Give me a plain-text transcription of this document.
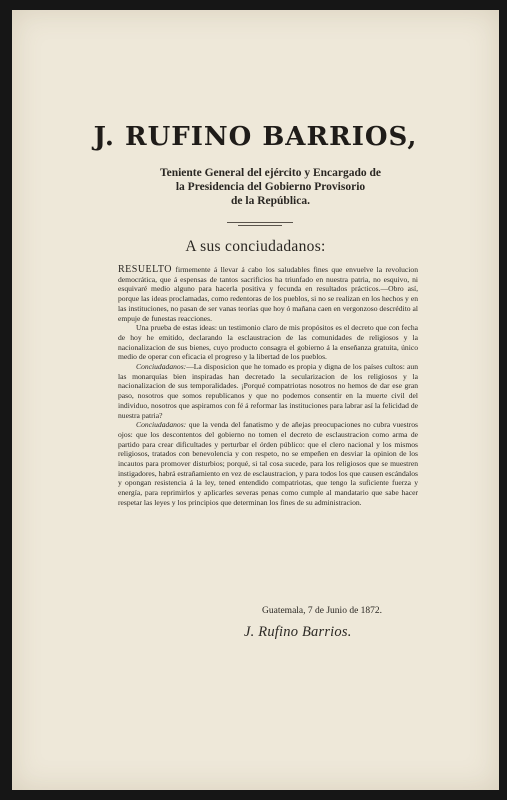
J. RUFINO BARRIOS,
Teniente General del ejército y Encargado de
la Presidencia del Gobierno Provisorio
de la República.
A sus conciudadanos:

RESUELTO firmemente á llevar á cabo los saludables fines que envuelve la revolucion democrática, que á espensas de tantos sacrificios ha triunfado en nuestra patria, no esquivo, ni esquivaré medio alguno para hacerla positiva y fecunda en resultados prácticos.—Obro así, porque las ideas proclamadas, como redentoras de los pueblos, si no se realizan en los hechos y en las instituciones, no pasan de ser vanas teorías que hoy ó mañana caen en vergonzoso descrédito al empuje de funestas reacciones.

Una prueba de estas ideas: un testimonio claro de mis propósitos es el decreto que con fecha de hoy he emitido, declarando la esclaustracion de las comunidades de religiosos y la nacionalizacion de sus bienes, cuyo producto consagra el gobierno á la enseñanza gratuita, único medio de operar con eficacia el progreso y la libertad de los pueblos.

Conciudadanos:—La disposicion que he tomado es propia y digna de los países cultos: aun las monarquías bien inspiradas han decretado la secularizacion de los religiosos y la nacionalizacion de sus temporalidades. ¡Porqué compatriotas nosotros no hemos de dar ese gran paso, nosotros que somos republicanos y que no podemos consentir en la muerte civil del individuo, nosotros que aspiramos con fé á reformar las instituciones para labrar así la felicidad de nuestra patria?

Conciudadanos: que la venda del fanatismo y de añejas preocupaciones no cubra vuestros ojos: que los descontentos del gobierno no tomen el decreto de esclaustracion como arma de partido para crear dificultades y perturbar el órden público: que el clero nacional y los mismos religiosos, tratados con benevolencia y con respeto, no se empeñen en desviar la opinion de los incautos para promover disturbios; porqué, si tal cosa sucede, para los religiosos que se muestren instigadores, habrá estrañamiento en vez de esclaustracion, y para todos los que causen escándalos y opongan resistencia á la ley, tened entendido compatriotas, que tengo la suficiente fuerza y energía, para reprimirlos y aplicarles severas penas como cumple al mandatario que sabe hacer respetar las leyes y los principios que determinan los fines de su administracion.

Guatemala, 7 de Junio de 1872.
J. Rufino Barrios.
